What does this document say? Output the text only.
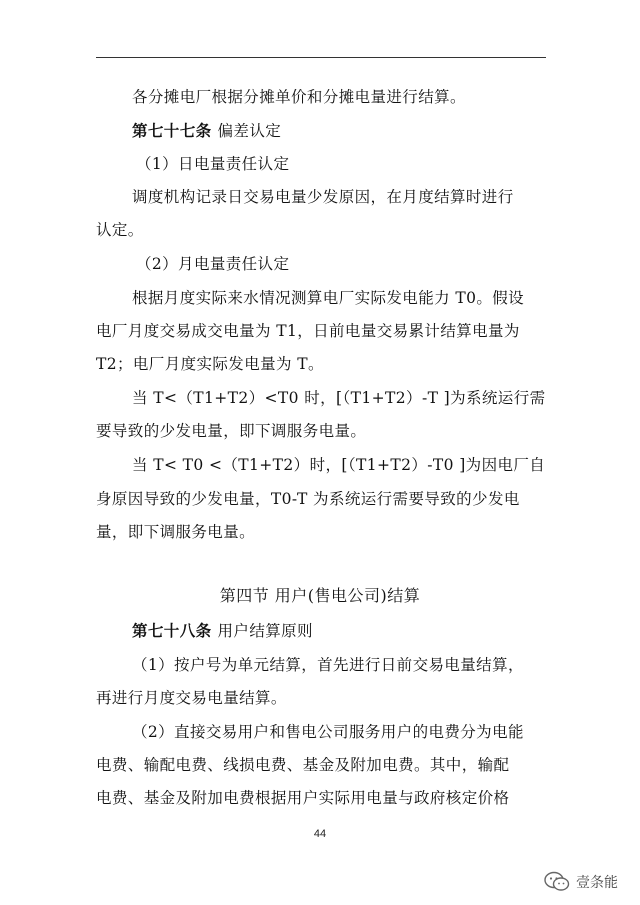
各分摊电厂根据分摊单价和分摊电量进行结算。
第七十七条 偏差认定
（1）日电量责任认定
调度机构记录日交易电量少发原因，在月度结算时进行
认定。
（2）月电量责任认定
根据月度实际来水情况测算电厂实际发电能力 T0。假设
电厂月度交易成交电量为 T1，日前电量交易累计结算电量为
T2；电厂月度实际发电量为 T。
当 T<（T1+T2）<T0 时，[（T1+T2）-T ]为系统运行需
要导致的少发电量，即下调服务电量。
当 T< T0 <（T1+T2）时，[（T1+T2）-T0 ]为因电厂自
身原因导致的少发电量，T0-T 为系统运行需要导致的少发电
量，即下调服务电量。
第四节 用户(售电公司)结算
第七十八条 用户结算原则
（1）按户号为单元结算，首先进行日前交易电量结算，
再进行月度交易电量结算。
（2）直接交易用户和售电公司服务用户的电费分为电能
电费、输配电费、线损电费、基金及附加电费。其中，输配
电费、基金及附加电费根据用户实际用电量与政府核定价格
44
壹条能
